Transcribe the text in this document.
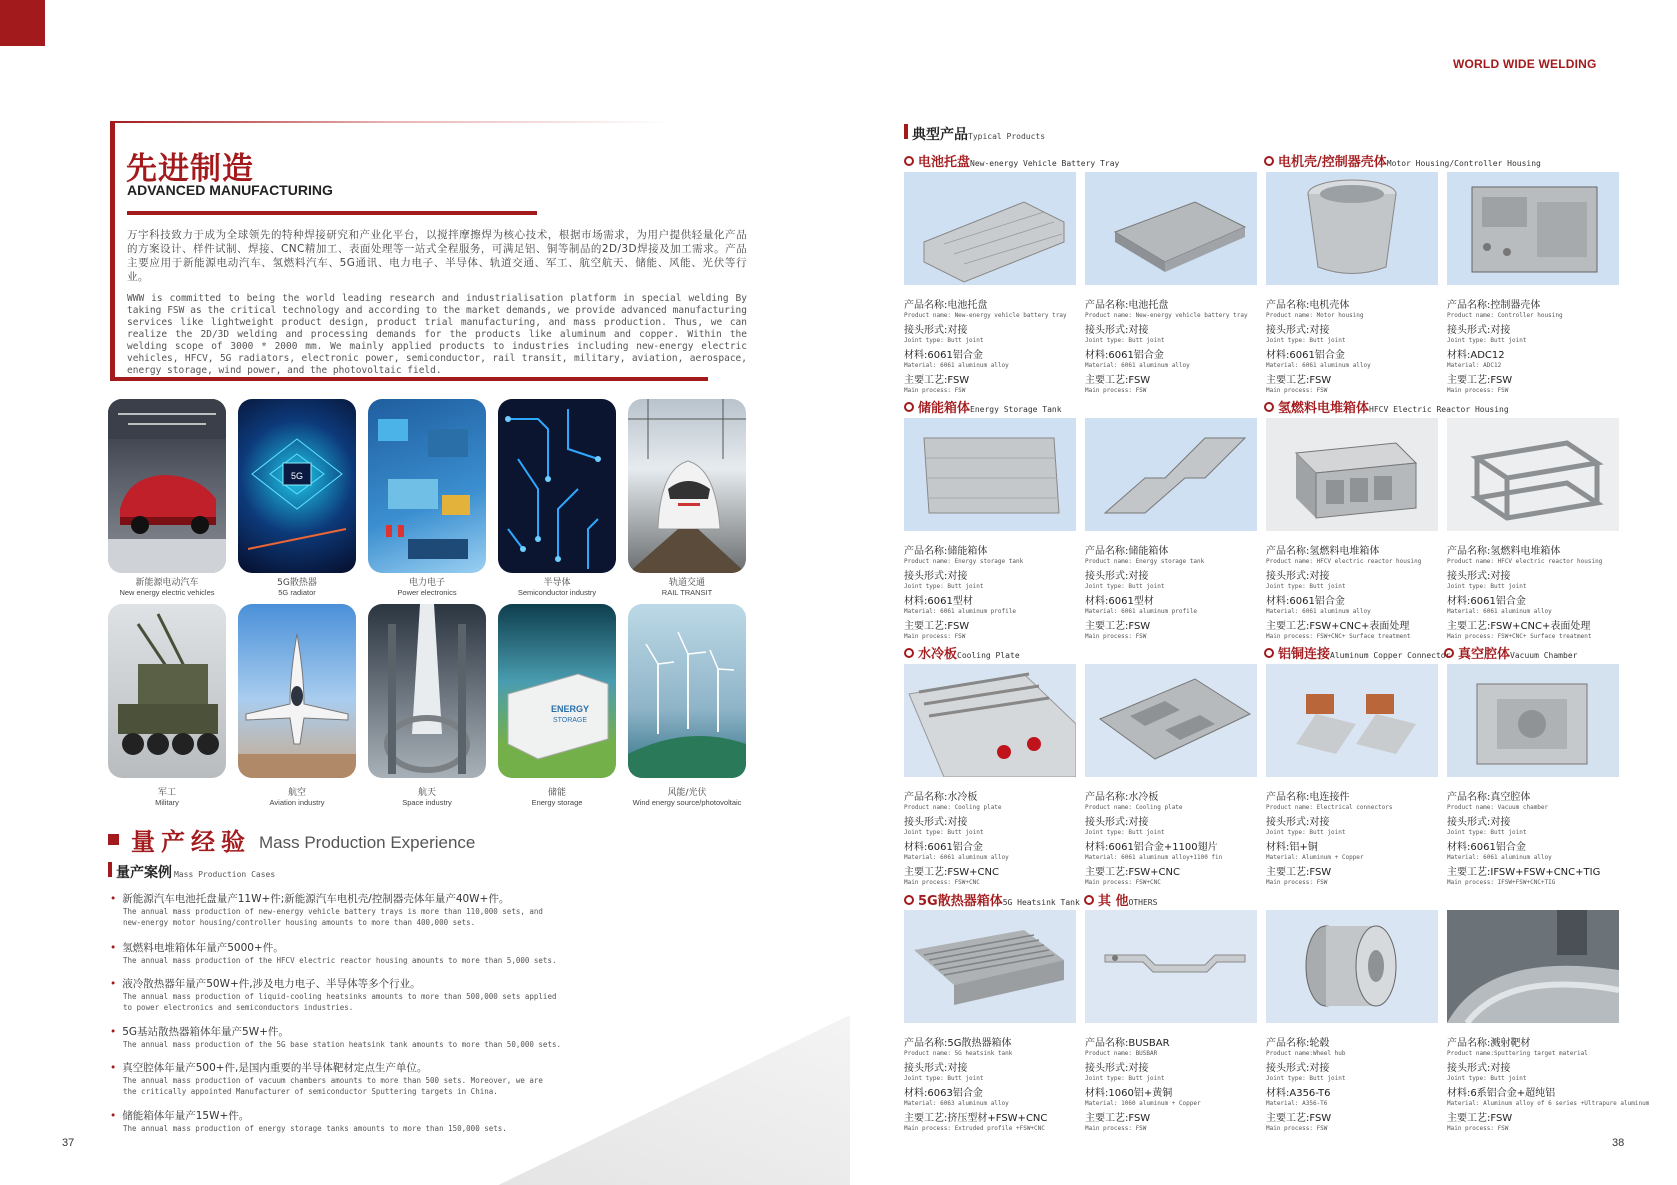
WORLD WIDE WELDING
先进制造
ADVANCED MANUFACTURING

万宇科技致力于成为全球领先的特种焊接研究和产业化平台，以搅拌摩擦焊为核心技术，根据市场需求，为用户提供轻量化产品的方案设计、样件试制、焊接、CNC精加工、表面处理等一站式全程服务，可满足铝、铜等制品的2D/3D焊接及加工需求。产品主要应用于新能源电动汽车、氢燃料汽车、5G通讯、电力电子、半导体、轨道交通、军工、航空航天、储能、风能、光伏等行业。

WWW is committed to being the world leading research and industrialisation platform in special welding By taking FSW as the critical technology and according to the market demands, we provide advanced manufacturing services like lightweight product design, product trial manufacturing, and mass production. Thus, we can realize the 2D/3D welding and processing demands for the products like aluminum and copper. Within the welding scope of 3000 * 2000 mm. We mainly applied products to industries including new-energy electric vehicles, HFCV, 5G radiators, electronic power, semiconductor, rail transit, military, aviation, aerospace, energy storage, wind power, and the photovoltaic field.

5G
新能源电动汽车
New energy electric vehicles
5G散热器
5G radiator
电力电子
Power electronics
半导体
Semiconductor industry
轨道交通
RAIL TRANSIT
ENERGY
STORAGE
军工
Military
航空
Aviation industry
航天
Space industry
储能
Energy storage
风能/光伏
Wind energy source/photovoltaic
量产经验 Mass Production Experience
量产案例 Mass Production Cases
• 新能源汽车电池托盘量产11W+件;新能源汽车电机壳/控制器壳体年量产40W+件。
The annual mass production of new-energy vehicle battery trays is more than 110,000 sets, and
new-energy motor housing/controller housing amounts to more than 400,000 sets.
• 氢燃料电堆箱体年量产5000+件。
The annual mass production of the HFCV electric reactor housing amounts to more than 5,000 sets.
• 液冷散热器年量产50W+件,涉及电力电子、半导体等多个行业。
The annual mass production of liquid-cooling heatsinks amounts to more than 500,000 sets applied
to power electronics and semiconductors industries.
• 5G基站散热器箱体年量产5W+件。
The annual mass production of the 5G base station heatsink tank amounts to more than 50,000 sets.
• 真空腔体年量产500+件,是国内重要的半导体靶材定点生产单位。
The annual mass production of vacuum chambers amounts to more than 500 sets. Moreover, we are
the critically appointed Manufacturer of semiconductor Sputtering targets in China.
• 储能箱体年量产15W+件。
The annual mass production of energy storage tanks amounts to more than 150,000 sets.
37
典型产品 Typical Products
电池托盘New-energy Vehicle Battery Tray	电机壳/控制器壳体Motor Housing/Controller Housing
储能箱体Energy Storage Tank	氢燃料电堆箱体HFCV Electric Reactor Housing
水冷板Cooling Plate	铝铜连接Aluminum Copper Connector 真空腔体Vacuum Chamber
5G散热器箱体5G Heatsink Tank	其 他OTHERS
产品名称:电池托盘
Product name: New-energy vehicle battery tray
接头形式:对接
Joint type: Butt joint
材料:6061铝合金
Material: 6061 aluminum alloy
主要工艺:FSW
Main process: FSW
产品名称:电池托盘
Product name: New-energy vehicle battery tray
接头形式:对接
Joint type: Butt joint
材料:6061铝合金
Material: 6061 aluminum alloy
主要工艺:FSW
Main process: FSW
产品名称:电机壳体
Product name: Motor housing
接头形式:对接
Joint type: Butt joint
材料:6061铝合金
Material: 6061 aluminum alloy
主要工艺:FSW
Main process: FSW
产品名称:控制器壳体
Product name: Controller housing
接头形式:对接
Joint type: Butt joint
材料:ADC12
Material: ADC12
主要工艺:FSW
Main process: FSW
产品名称:储能箱体
Product name: Energy storage tank
接头形式:对接
Joint type: Butt joint
材料:6061型材
Material: 6061 aluminum profile
主要工艺:FSW
Main process: FSW
产品名称:储能箱体
Product name: Energy storage tank
接头形式:对接
Joint type: Butt joint
材料:6061型材
Material: 6061 aluminum profile
主要工艺:FSW
Main process: FSW
产品名称:氢燃料电堆箱体
Product name: HFCV electric reactor housing
接头形式:对接
Joint type: Butt joint
材料:6061铝合金
Material: 6061 aluminum alloy
主要工艺:FSW+CNC+表面处理
Main process: FSW+CNC+ Surface treatment
产品名称:氢燃料电堆箱体
Product name: HFCV electric reactor housing
接头形式:对接
Joint type: Butt joint
材料:6061铝合金
Material: 6061 aluminum alloy
主要工艺:FSW+CNC+表面处理
Main process: FSW+CNC+ Surface treatment
产品名称:水冷板
Product name: Cooling plate
接头形式:对接
Joint type: Butt joint
材料:6061铝合金
Material: 6061 aluminum alloy
主要工艺:FSW+CNC
Main process: FSW+CNC
产品名称:水冷板
Product name: Cooling plate
接头形式:对接
Joint type: Butt joint
材料:6061铝合金+1100翅片
Material: 6061 aluminum alloy+1100 fin
主要工艺:FSW+CNC
Main process: FSW+CNC
产品名称:电连接件
Product name: Electrical connectors
接头形式:对接
Joint type: Butt joint
材料:铝+铜
Material: Aluminum + Copper
主要工艺:FSW
Main process: FSW
产品名称:真空腔体
Product name: Vacuum chamber
接头形式:对接
Joint type: Butt joint
材料:6061铝合金
Material: 6061 aluminum alloy
主要工艺:IFSW+FSW+CNC+TIG
Main process: IFSW+FSW+CNC+TIG
产品名称:5G散热器箱体
Product name: 5G heatsink tank
接头形式:对接
Joint type: Butt joint
材料:6063铝合金
Material: 6063 aluminum alloy
主要工艺:挤压型材+FSW+CNC
Main process: Extruded profile +FSW+CNC
产品名称:BUSBAR
Product name: BUSBAR
接头形式:对接
Joint type: Butt joint
材料:1060铝+黄铜
Material: 1060 aluminum + Copper
主要工艺:FSW
Main process: FSW
产品名称:轮毂
Product name:Wheel hub
接头形式:对接
Joint type: Butt joint
材料:A356-T6
Material: A356-T6
主要工艺:FSW
Main process: FSW
产品名称:溅射靶材
Product name:Sputtering target material
接头形式:对接
Joint type: Butt joint
材料:6系铝合金+超纯铝
Material: Aluminum alloy of 6 series +Ultrapure aluminum
主要工艺:FSW
Main process: FSW
38
